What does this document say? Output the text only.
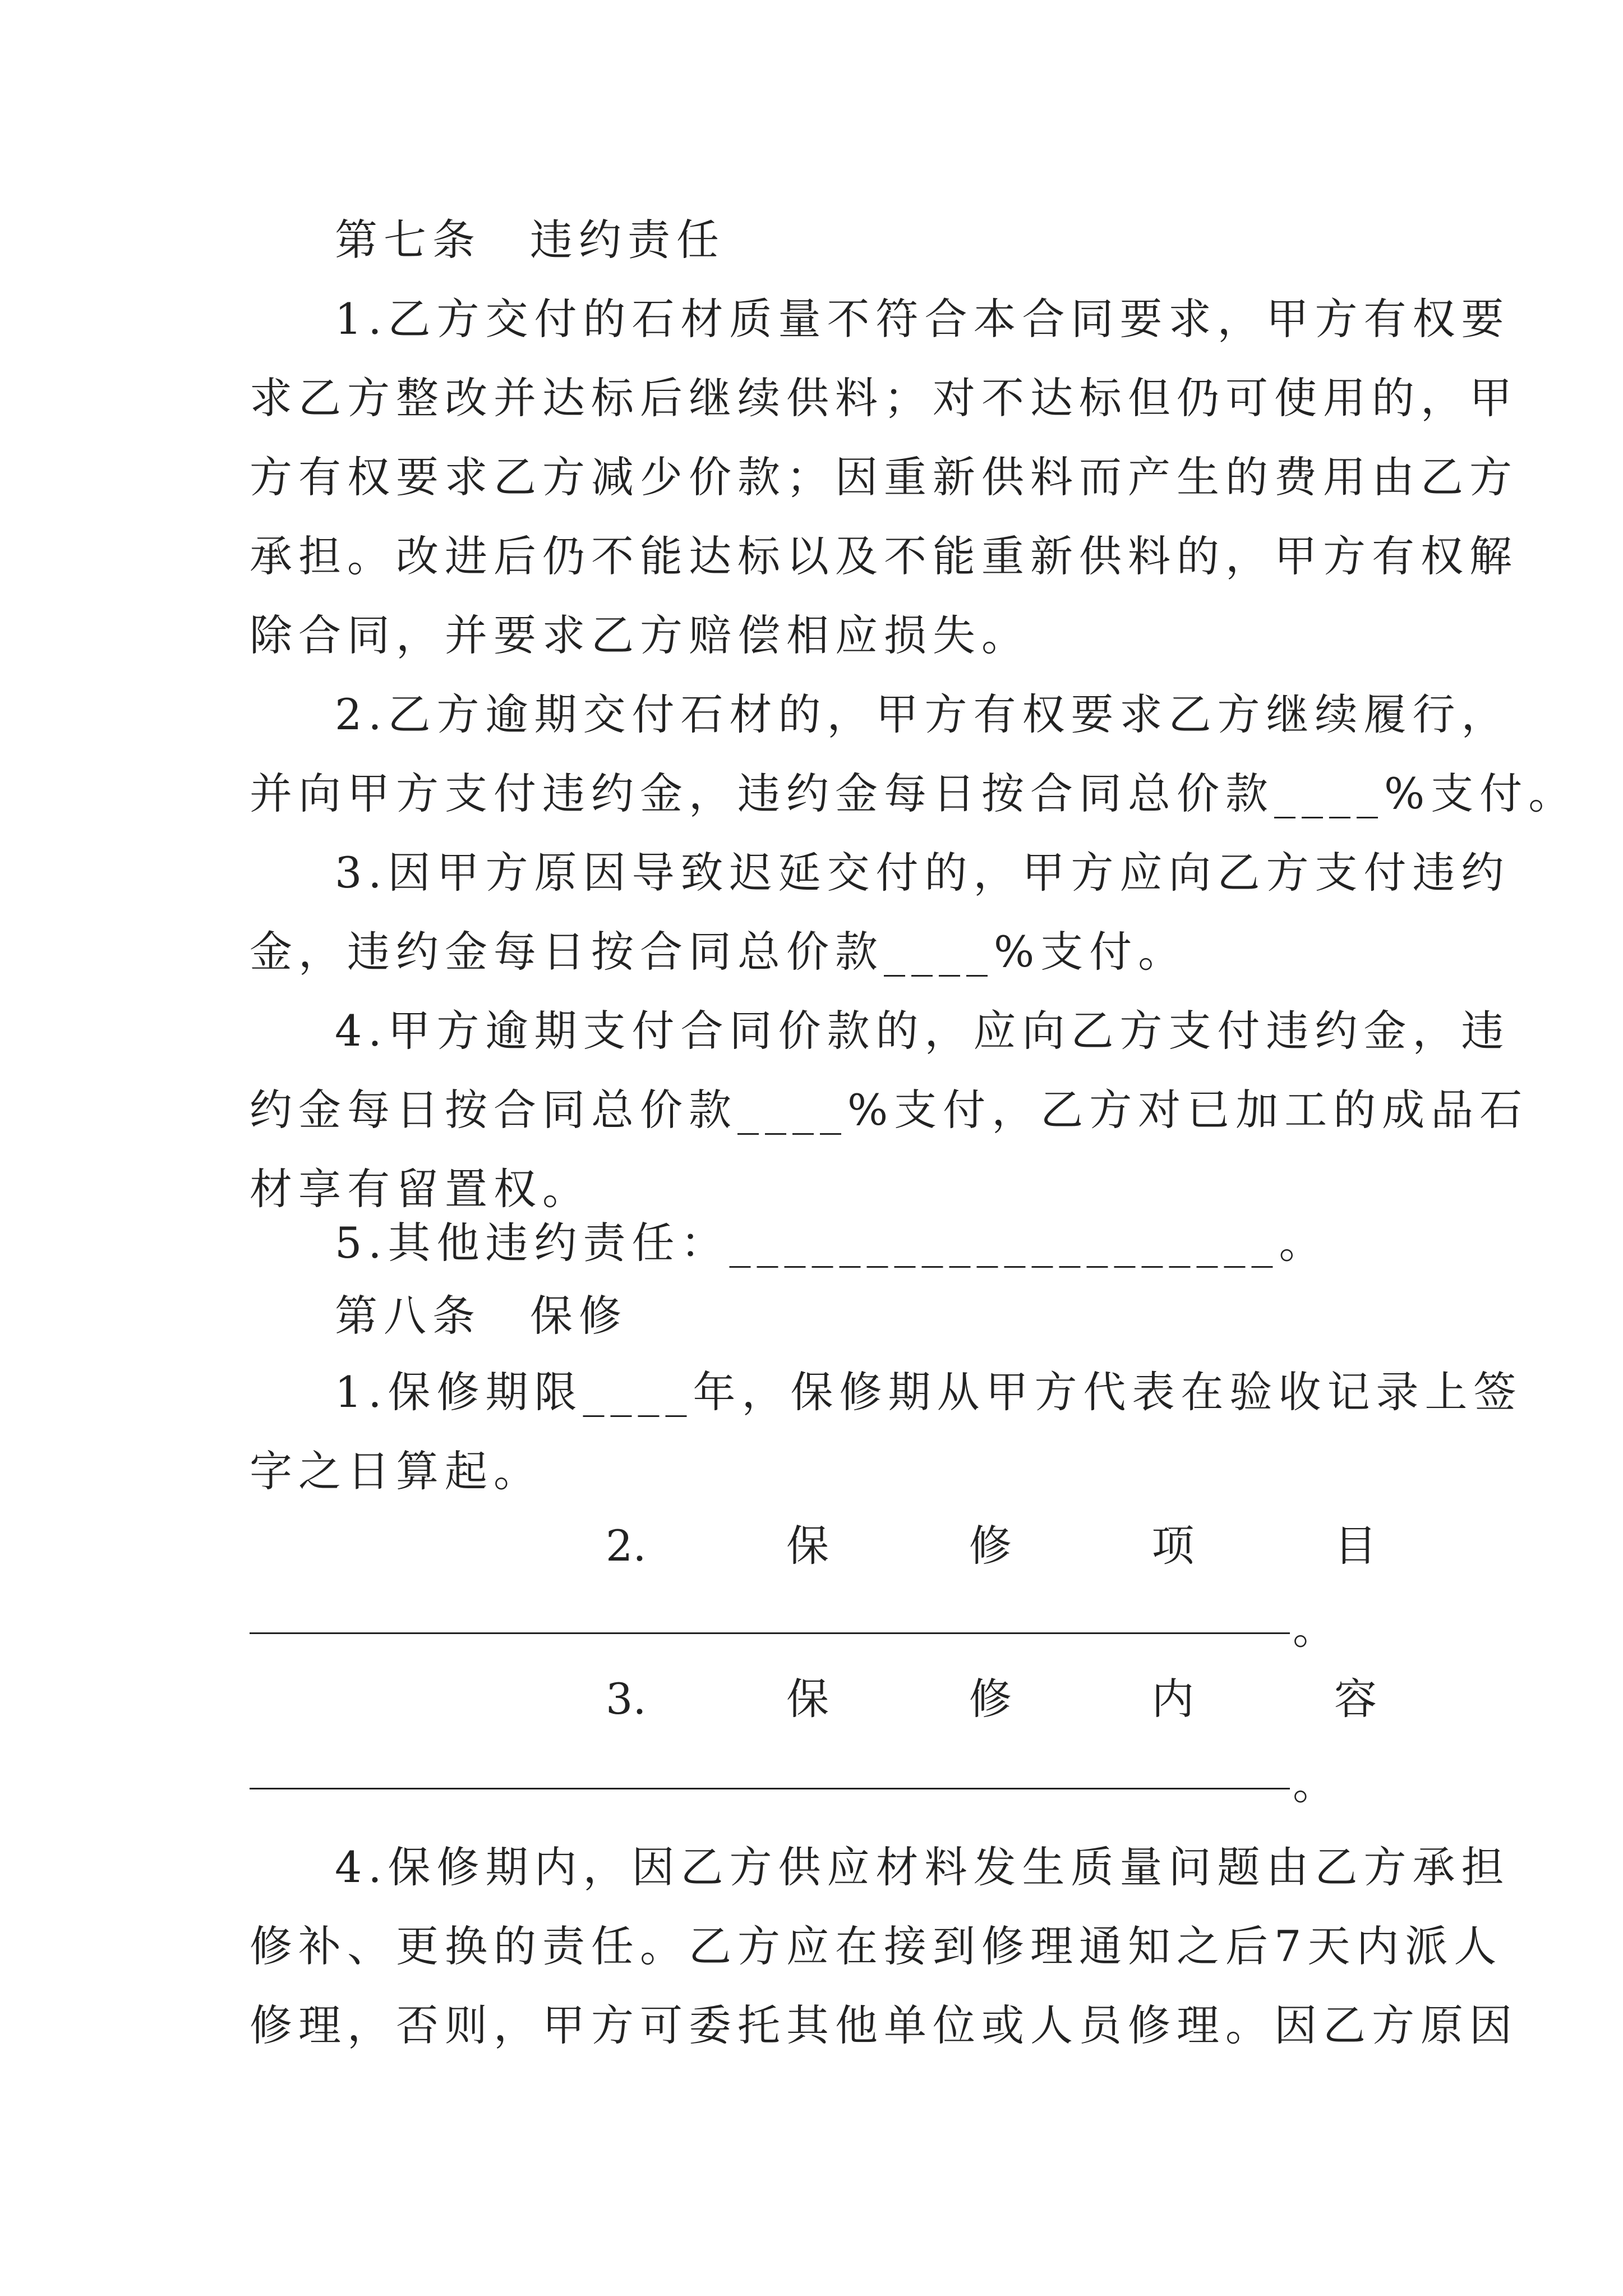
第七条　违约责任
1.乙方交付的石材质量不符合本合同要求，甲方有权要
求乙方整改并达标后继续供料；对不达标但仍可使用的，甲
方有权要求乙方减少价款；因重新供料而产生的费用由乙方
承担。改进后仍不能达标以及不能重新供料的，甲方有权解
除合同，并要求乙方赔偿相应损失。
2.乙方逾期交付石材的，甲方有权要求乙方继续履行，
并向甲方支付违约金，违约金每日按合同总价款____%支付。
3.因甲方原因导致迟延交付的，甲方应向乙方支付违约
金，违约金每日按合同总价款____%支付。
4.甲方逾期支付合同价款的，应向乙方支付违约金，违
约金每日按合同总价款____%支付，乙方对已加工的成品石
材享有留置权。
5.其他违约责任：____________________。
第八条　保修
1.保修期限____年，保修期从甲方代表在验收记录上签
字之日算起。
2.	保	修	项	目
。
3.	保	修	内	容
。
4.保修期内，因乙方供应材料发生质量问题由乙方承担
修补、更换的责任。乙方应在接到修理通知之后7天内派人
修理，否则，甲方可委托其他单位或人员修理。因乙方原因
